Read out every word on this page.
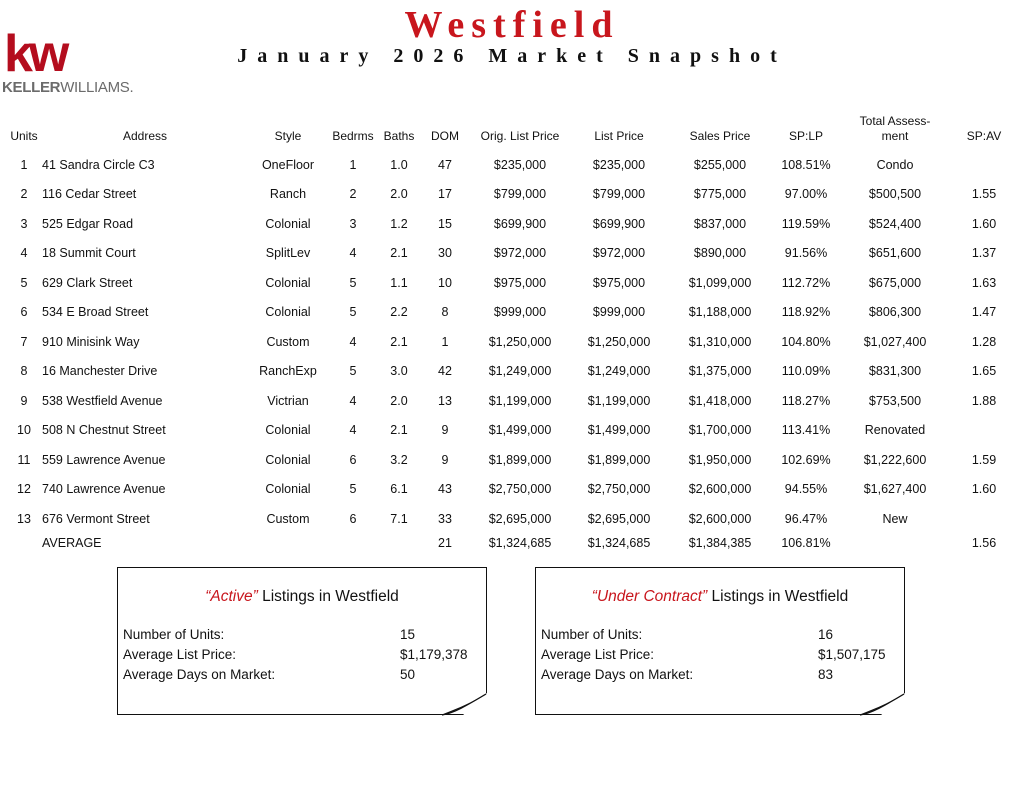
kw
KELLERWILLIAMS.
Westfield
January 2026 Market Snapshot
Units	Address	Style	Bedrms	Baths	DOM	Orig. List Price	List Price	Sales Price	SP:LP	Total Assess-
ment	SP:AV
1	41 Sandra Circle C3	OneFloor	1	1.0	47	$235,000	$235,000	$255,000	108.51%	Condo	
2	116 Cedar Street	Ranch	2	2.0	17	$799,000	$799,000	$775,000	97.00%	$500,500	1.55
3	525 Edgar Road	Colonial	3	1.2	15	$699,900	$699,900	$837,000	119.59%	$524,400	1.60
4	18 Summit Court	SplitLev	4	2.1	30	$972,000	$972,000	$890,000	91.56%	$651,600	1.37
5	629 Clark Street	Colonial	5	1.1	10	$975,000	$975,000	$1,099,000	112.72%	$675,000	1.63
6	534 E Broad Street	Colonial	5	2.2	8	$999,000	$999,000	$1,188,000	118.92%	$806,300	1.47
7	910 Minisink Way	Custom	4	2.1	1	$1,250,000	$1,250,000	$1,310,000	104.80%	$1,027,400	1.28
8	16 Manchester Drive	RanchExp	5	3.0	42	$1,249,000	$1,249,000	$1,375,000	110.09%	$831,300	1.65
9	538 Westfield Avenue	Victrian	4	2.0	13	$1,199,000	$1,199,000	$1,418,000	118.27%	$753,500	1.88
10	508 N Chestnut Street	Colonial	4	2.1	9	$1,499,000	$1,499,000	$1,700,000	113.41%	Renovated	
11	559 Lawrence Avenue	Colonial	6	3.2	9	$1,899,000	$1,899,000	$1,950,000	102.69%	$1,222,600	1.59
12	740 Lawrence Avenue	Colonial	5	6.1	43	$2,750,000	$2,750,000	$2,600,000	94.55%	$1,627,400	1.60
13	676 Vermont Street	Custom	6	7.1	33	$2,695,000	$2,695,000	$2,600,000	96.47%	New	
	AVERAGE				21	$1,324,685	$1,324,685	$1,384,385	106.81%		1.56
“Active” Listings in Westfield
Number of Units:	15
Average List Price:	$1,179,378
Average Days on Market:	50
“Under Contract” Listings in Westfield
Number of Units:	16
Average List Price:	$1,507,175
Average Days on Market:	83
